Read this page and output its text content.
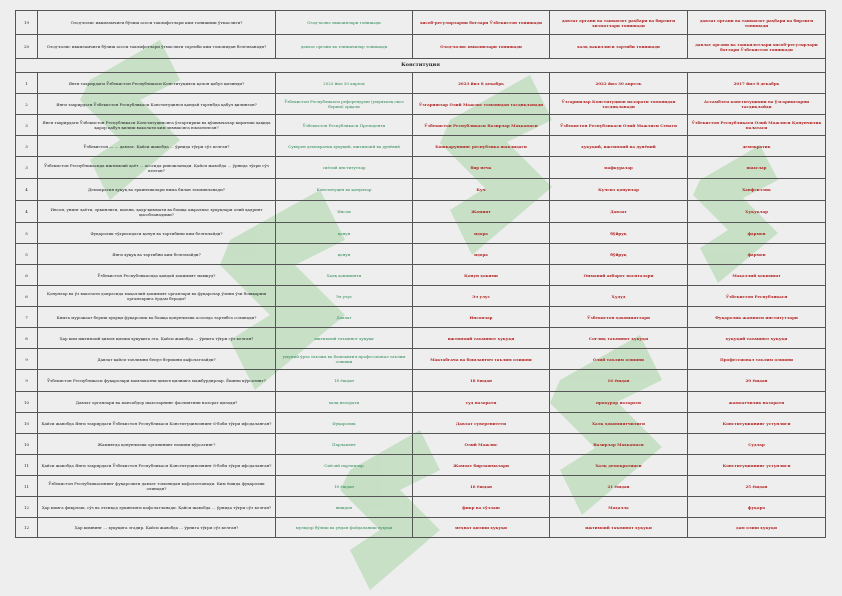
19	Озод-холис иккиламчиги бўлиш асоси таклифотлари ким тонишими ўтмаслиги?	Озод-холис имкоинлари тонишади	хисоб-регулярларни боғлари Ўзбекистон тонишади	давлат органи ва ташкилот раҳбари ва бирлиги хизматлари тонишади	давлат органи ва ташкилот раҳбари ва бирлиги тонишади
20	Озод-холис иккиламчиги бўлиш асоси таклифотлари ўтмаслиги тартиби ким томонидан белгиланади?	давлат органи ва тонишчилар тонишади	Озод-холис имкоинлари тонишади	халқ вакиллиги тартиби тонишади	давлат органи ва ташкилотлари хисоб-регулярлари боғлари Ўзбекистон тонишади
Конституция					
1	Янги таҳрирдаги Ўзбекистон Республикаси Конституцияси қачон қабул қилинди?	2023 йил 30 апрель	2023 йил 8 декабрь	2022 йил 30 апрель	2017 йил 8 декабрь
2	Янги таҳрирдаги Ўзбекистон Республикаси Конституцияси қандай тартибда қабул қилинган?	Ўзбекистон Республикаси референдуми (умумхалқ овоз бериш) орқали	Ўзгаришлар Олий Мажлис томонидан тасдиқланади	Ўзгаришлар Конституцион назорати томонидан тасдиқланади	Ассамблея конституцияни ва ўзгаришларни тасдиқлайди
3	Янги таҳрирдаги Ўзбекистон Республикаси Конституциясига ўзгартириш ва қўшимчалар киритиш ҳақида қарор қабул қилиш ваколати ким зиммасига юклатилган?	Ўзбекистон Республикаси Президенти	Ўзбекистон Республикаси Вазирлар Маҳкамаси	Ўзбекистон Республикаси Олий Мажлиси Сенати	Ўзбекистон Республикаси Олий Мажлиси Қонунчилик палатаси
3	Ўзбекистон — ... давлат. Қайси жавобда ... ўрнида тўғри сўз келган?	Суверен демократик ҳуқуқий, ижтимоий ва дунёвий	Бошқарувнинг республика шаклидаги	ҳуқуқий, ижтимоий ва дунёвий	демократик
3	Ўзбекистон Республикасида ижтимоий ҳаёт ... асосида ривожланади. Қайси жавобда ... ўрнида тўғри сўз келган?	сиёсий институтлар	бир неча	мафкуралар	шахслар
4	Демократия ҳуқуқ ва эркинликлари нима билан таъминланади?	Конституция ва қонунлар	Куч	Кучсиз қонунлар	Хавфсизлик
4	Инсон, унинг ҳаёти, эркинлиги, шаъни, қадр-қиммати ва бошқа ажралмас ҳуқуқлари олий қадрият ҳисобланадими?	Инсон	Жамият	Давлат	Ҳуқуқлар
5	Фуқаролик тўғрисидаги қонун ва тартибини ким белгилайди?	қонун	идора	бўйруқ	фармон
5	Янги ҳуқуқ ва тартибни ким белгилайди?	қонун	идора	бўйруқ	фармон
6	Ўзбекистон Республикасида қандай ҳокимият мавжуд?	Халқ ҳокимияти	Қонун ҳокими	Оммавий ахборот воситалари	Маҳаллий ҳокимият
6	Қонунлар ва ўз ваколати доирасида маҳаллий ҳокимият органлари ва фуқаролар ўзини ўзи бошқариш органларига ёрдам беради?	Эл улус	Эл улус	Ҳудуд	Ўзбекистон Республикаси
7	Кимга мурожаат бериш ҳуқуқи фуқаролик ва бошқа қонунчилик асосида тартибга солинади?	Давлат	Инсонлар	Ўзбекистон ҳокимиятлари	Фуқаролик жамияти институтлари
8	Ҳар ким ижтимоий ҳимоя қилиш ҳуқуқига эга. Қайси жавобда ... ўрнига тўғри сўз келган?	ижтимоий таъминот ҳуқуқи	ижтимоий таъминот ҳуқуқи	Соғлиқ таъминот ҳуқуқи	ҳуқуқий таъминот ҳуқуқи
9	Давлат қайси таълимни бепул беришни кафолатлайди?	умумий ўрта таълим ва бошланғич профессионал таълим олишни	Мактабгача ва бошланғич таълим олишни	Олий таълим олишни	Профессионал таълим олишни
9	Ўзбекистон Республикаси фуқаролари мамлакатни ҳимоя қилишга мажбурдирлар. Ёшини кўрсатинг?	18 ёшдан	18 ёшдан	16 ёшдан	20 ёшдан
10	Давлат органлари ва мансабдор шахсларнинг фаолиятини назорат қилади?	халқ назорати	суд назорати	прокурор назорати	жамоатчилик назорати
10	Қайси жавобда Янги таҳрирдаги Ўзбекистон Республикаси Конституциясининг 6-боби тўғри ифодаланган?	Фуқаролик	Давлат суверенитети	Халқ ҳокимиятчилиги	Конституциянинг устунлиги
10	Жамиятда қонунчилик органининг номини кўрсатинг?	Парламент	Олий Мажлис	Вазирлар Маҳкамаси	Судлар
11	Қайси жавобда Янги таҳрирдаги Ўзбекистон Республикаси Конституциясининг 8-боби тўғри ифодаланган?	Сиёсий партиялар	Жамоат бирлашмалари	Халқ демократияси	Конституциянинг устунлиги
11	Ўзбекистон Республикасининг фуқаролиги давлат томонидан кафолатланади. Ким ёшида фуқаролик олинади?	18 ёшдан	16 ёшдан	21 ёшдан	25 ёшдан
12	Ҳар кимга фикрлаш, сўз ва эътиқод эркинлиги кафолатланади. Қайси жавобда ... ўрнида тўғри сўз келган?	виждон	фикр ва сўзлаш	Маҳалла	фуқаро
12	Ҳар кимнинг ... ҳуқуқига эгадир. Қайси жавобда ... ўрнига тўғри сўз келган?	мулкдор бўлиш ва ундан фойдаланиш ҳуқуқи	меҳнат қилиш ҳуқуқи	ижтимоий таъминот ҳуқуқи	дам олиш ҳуқуқи
